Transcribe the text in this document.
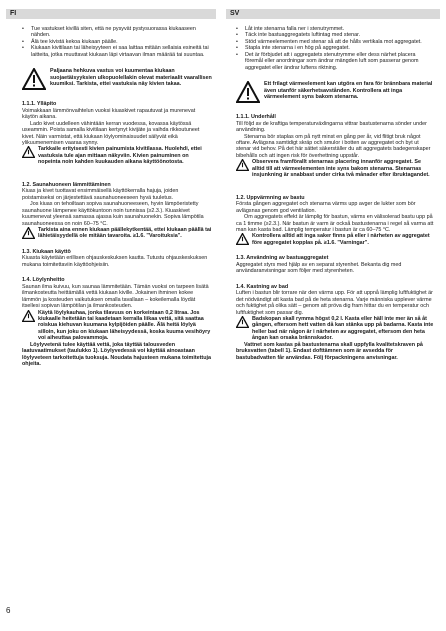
FI	SV
• Tue vastukset kivillä siten, että ne pysyvät pystysuorassa kiukaaseen nähden.
• Älä tee kivistä kekoa kiukaan päälle.
• Kiukaan kivitilaan tai läheisyyteen ei saa laittaa mitään sellaisia esineitä tai laitteita, jotka muuttavat kiukaan läpi virtaavan ilman määrää tai suuntaa.
Paljaana hehkuva vastus voi kuumentaa kiukaan suojaetäisyyksien ulkopuolellakin olevat materiaalit vaarallisen kuumiksi. Tarkista, ettei vastuksia näy kivien takaa.
1.1.1. Ylläpito

Voimakkaan lämmönvaihtelun vuoksi kiuaskivet rapautuvat ja murenevat käytön aikana.

Lado kivet uudelleen vähintään kerran vuodessa, kovassa käytössä useammin. Poista samalla kivitilaan kertynyt kivijäte ja vaihda rikkoutuneet kivet. Näin varmistat, että kiukaan löylyominaisuudet säilyvät eikä ylikuumenemisen vaaraa synny.

Tarkkaile erityisesti kivien painumista kivitilassa. Huolehdi, ettei vastuksia tule ajan mittaan näkyviin. Kivien painuminen on nopeinta noin kahden kuukauden aikana käyttöönotosta.
1.2. Saunahuoneen lämmittäminen

Kiuas ja kivet tuottavat ensimmäisellä käyttökerralla hajuja, joiden poistamiseksi on järjestettävä saunahuoneeseen hyvä tuuletus.

Jos kiuas on tehoiltaan sopiva saunahuoneeseen, hyvin lämpöeristetty saunahuone lämpenee käyttökuntoon noin tunnissa (≥2.3.). Kiuaskivet kuumenevat yleensä samassa ajassa kuin saunahuonekin. Sopiva lämpötila saunahuoneessa on noin 60–75 °C.

Tarkista aina ennen kiukaan päällekytkentää, ettei kiukaan päällä tai lähietäisyydellä ole mitään tavaroita. ≥1.6. "Varoituksia".
1.3. Kiukaan käyttö

Kiuasta käytetään erillisen ohjauskeskuksen kautta. Tutustu ohjauskeskuksen mukana toimitettaviin käyttöohjeisiin.

1.4. Löylynheitto

Saunan ilma kuivuu, kun saunaa lämmitetään. Tämän vuoksi on tarpeen lisätä ilmankosteutta heittämällä vettä kiukaan kiville. Jokainen ihminen kokee lämmön ja kosteuden vaikutuksen omalla tavallaan – kokeilemalla löydät itsellesi sopivan lämpötilan ja ilmankosteuden.

Käytä löylykauhaa, jonka tilavuus on korkeintaan 0,2 litraa. Jos kiukaalle heitetään tai kaadetaan kerralla liikaa vettä, sitä saattaa roiskua kiehuvan kuumana kylpijöiden päälle. Älä heitä löylyä silloin, kun joku on kiukaan läheisyydessä, koska kuuma vesihöyry voi aiheuttaa palovammoja.

Löylyvetenä tulee käyttää vettä, joka täyttää talousveden laatuvaatimukset (taulukko 1). Löylyvedessä voi käyttää ainoastaan löylyveteen tarkoitettuja tuoksuja. Noudata hajusteen mukana toimitettuja ohjeita.

• Låt inte stenarna falla ner i stenutrymmet.
• Täck inte bastuaggregatets luftintag med stenar.
• Stöd värmeelementen med stenar så att de hålls vertikala mot aggregatet.
• Stapla inte stenarna i en hög på aggregatet.
• Det är förbjudet att i aggregatets stenutrymme eller dess närhet placera föremål eller anordningar som ändrar mängden luft som passerar genom aggregatet eller ändrar luftens riktning.
Ett frilagt värmeelement kan utgöra en fara för brännbara material även utanför säkerhetsavstånden. Kontrollera att inga värmeelement syns bakom stenarna.
1.1.1. Underhåll

Till följd av de kraftiga temperaturväxlingarna vittrar bastustenarna sönder under användning.

Stenarna bör staplas om på nytt minst en gång per år, vid flitigt bruk något oftare. Avlägsna samtidigt skräp och smulor i botten av aggregatet och byt ut stenar vid behov. På det här sättet säkerställer du att aggregatets badegenskaper bibehålls och att ingen risk för överhettning uppstår.

Observera framförallt stenarnas placering innanför aggregatet. Se alltid till att värmeelementen inte syns bakom stenarna. Stenarnas insjunkning är snabbast under cirka två månader efter ibruktagandet.
1.2. Uppvärmning av bastu

Första gången aggregatet och stenarna värms upp avger de lukter som bör avlägsnas genom god ventilation.

Om aggregatets effekt är lämplig för bastun, värms en välisolerad bastu upp på ca 1 timme (≥2.3.). När bastun är varm är också bastustenarna i regel så varma att man kan kasta bad. Lämplig temperatur i bastun är ca 60–75 °C.

Kontrollera alltid att inga saker finns på eller i närheten av aggregatet före aggregatet kopplas på. ≥1.6. "Varningar".
1.3. Användning av bastuaggregatet

Aggregatet styrs med hjälp av en separat styrenhet. Bekanta dig med användaranvisningar som följer med styrenheten.

1.4. Kastning av bad

Luften i bastun blir torrare när den värms upp. För att uppnå lämplig luftfuktighet är det nödvändigt att kasta bad på de heta stenarna. Varje människa upplever värme och fuktighet på olika sätt – genom att pröva dig fram hittar du en temperatur och luftfuktighet som passar dig.

Badskopan skall rymma högst 0,2 l. Kasta eller häll inte mer än så åt gången, eftersom hett vatten då kan stänka upp på badarna. Kasta inte heller bad när någon är i närheten av aggregatet, eftersom den heta ångan kan orsaka brännskador.

Vattnet som kastas på bastustenarna skall uppfylla kvalitetskraven på bruksvatten (tabell 1). Endast dofttämnen som är avsedda för bastubadvatten får användas. Följ förpackningens anvisningar.

6
